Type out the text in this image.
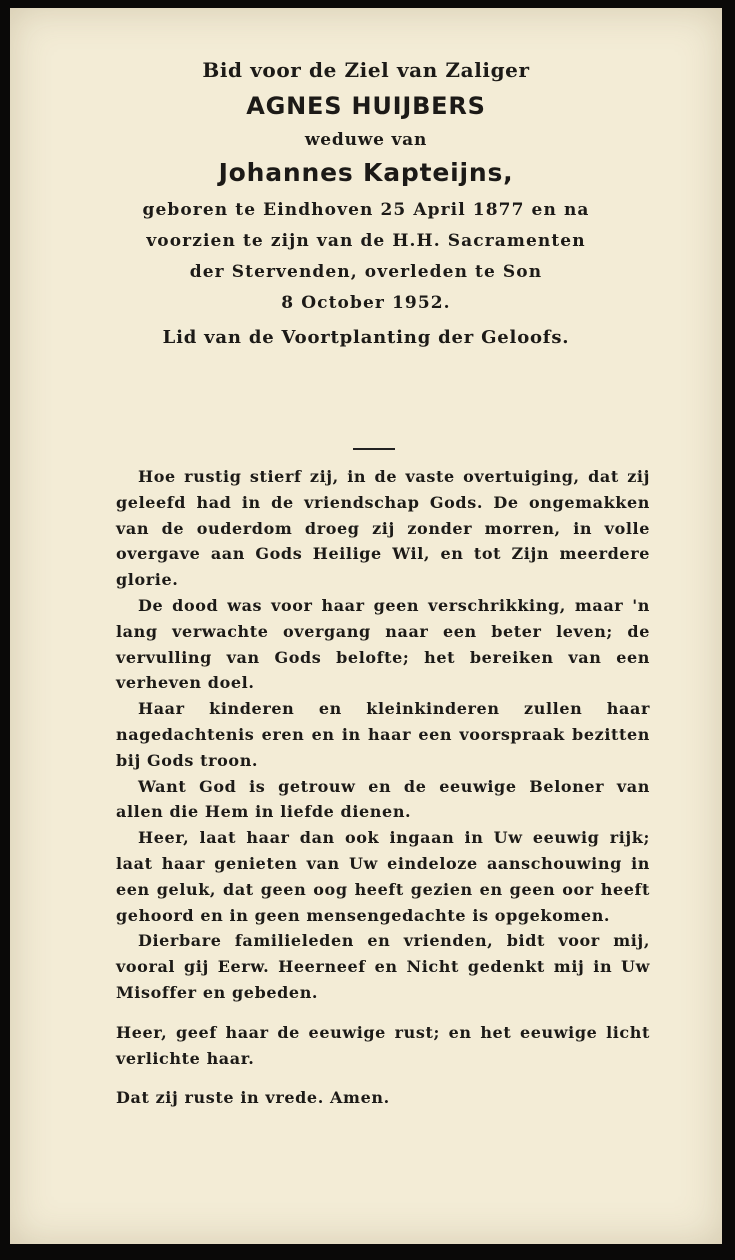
Bid voor de Ziel van Zaliger
AGNES HUIJBERS
weduwe van
Johannes Kapteijns,
geboren te Eindhoven 25 April 1877 en na
voorzien te zijn van de H.H. Sacramenten
der Stervenden, overleden te Son
8 October 1952.
Lid van de Voortplanting der Geloofs.

Hoe rustig stierf zij, in de vaste overtuiging, dat zij geleefd had in de vriendschap Gods. De ongemakken van de ouderdom droeg zij zonder morren, in volle overgave aan Gods Heilige Wil, en tot Zijn meerdere glorie.

De dood was voor haar geen verschrikking, maar 'n lang verwachte overgang naar een beter leven; de vervulling van Gods belofte; het bereiken van een verheven doel.

Haar kinderen en kleinkinderen zullen haar nagedachtenis eren en in haar een voorspraak bezitten bij Gods troon.

Want God is getrouw en de eeuwige Beloner van allen die Hem in liefde dienen.

Heer, laat haar dan ook ingaan in Uw eeuwig rijk; laat haar genieten van Uw eindeloze aanschouwing in een geluk, dat geen oog heeft gezien en geen oor heeft gehoord en in geen mensengedachte is opgekomen.

Dierbare familieleden en vrienden, bidt voor mij, vooral gij Eerw. Heerneef en Nicht gedenkt mij in Uw Misoffer en gebeden.

Heer, geef haar de eeuwige rust; en het eeuwige licht verlichte haar.

Dat zij ruste in vrede. Amen.
